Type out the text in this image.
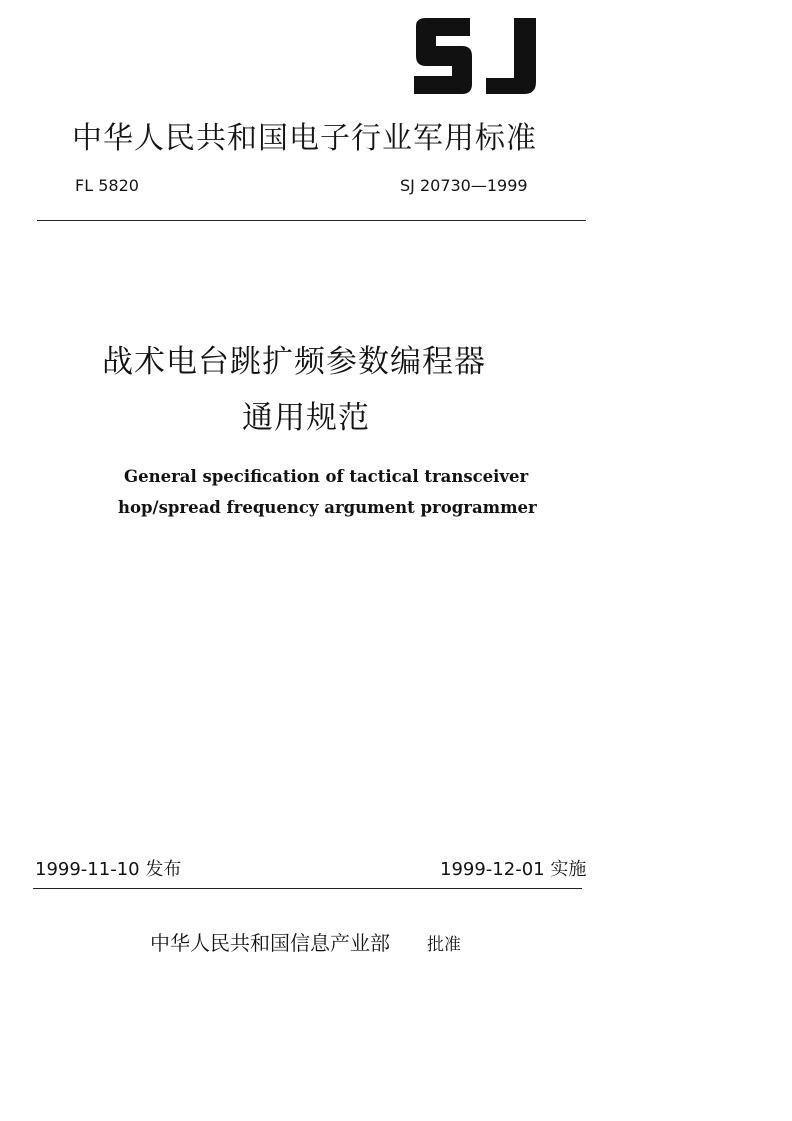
中华人民共和国电子行业军用标准
FL 5820	SJ 20730—1999
战术电台跳扩频参数编程器
通用规范
General specification of tactical transceiver
hop/spread frequency argument programmer
1999-11-10 发布	1999-12-01 实施
中华人民共和国信息产业部 批准
